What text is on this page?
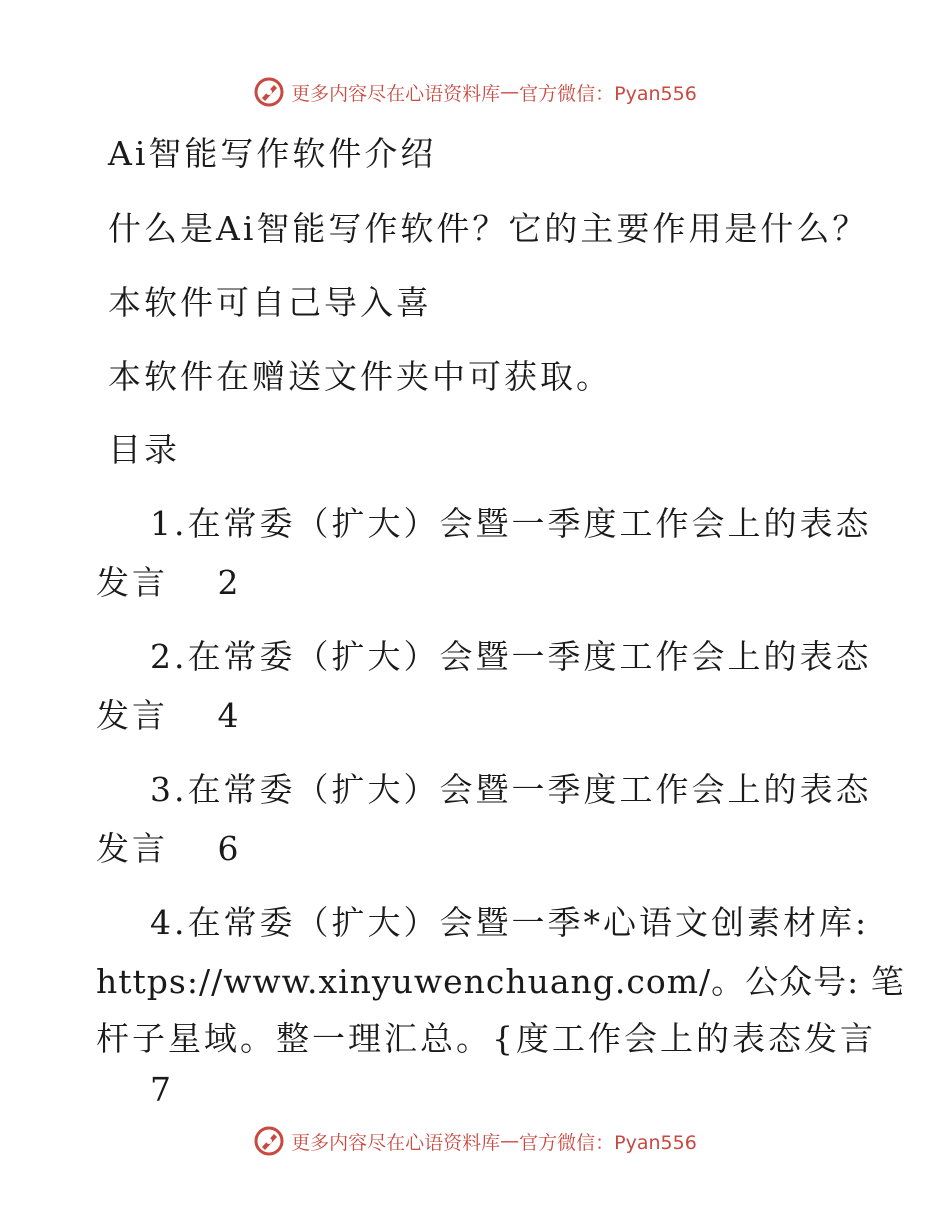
更多内容尽在心语资料库 — 官方微信：Pyan556
Ai智能写作软件介绍
什么是Ai智能写作软件？它的主要作用是什么？
本软件可自己导入喜
本软件在赠送文件夹中可获取。
目录
1.在常委（扩大）会暨一季度工作会上的表态
发言　 2
2.在常委（扩大）会暨一季度工作会上的表态
发言　 4
3.在常委（扩大）会暨一季度工作会上的表态
发言　 6
4.在常委（扩大）会暨一季*心语文创素材库:
https://www.xinyuwenchuang.com/。公众号: 笔
杆子星域。整一理汇总。{度工作会上的表态发言
7
更多内容尽在心语资料库 — 官方微信：Pyan556
